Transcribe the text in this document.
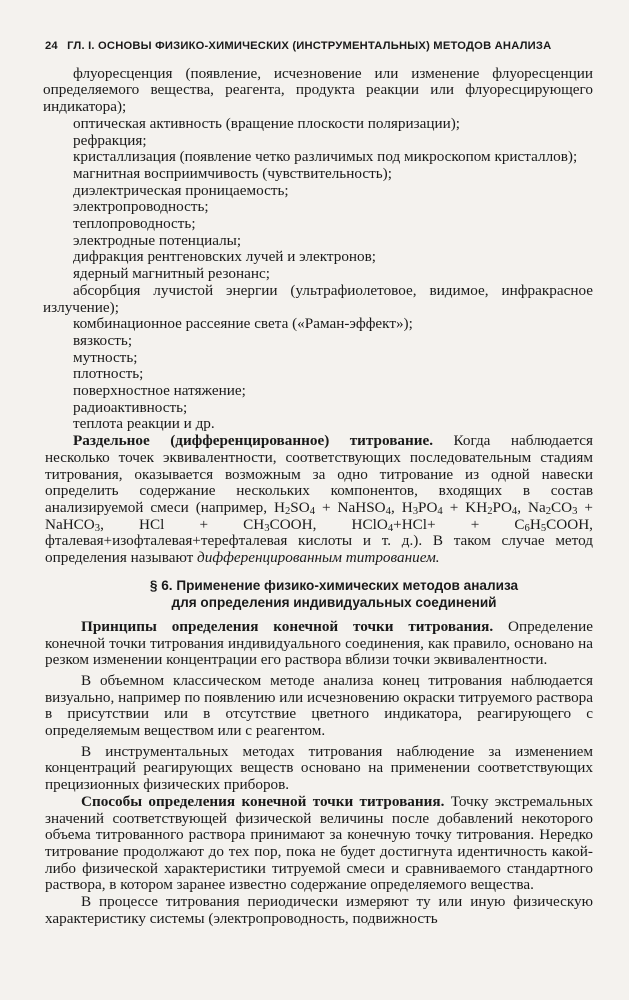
24 ГЛ. I. ОСНОВЫ ФИЗИКО-ХИМИЧЕСКИХ (ИНСТРУМЕНТАЛЬНЫХ) МЕТОДОВ АНАЛИЗА

флуоресценция (появление, исчезновение или изменение флуоресценции определяемого вещества, реагента, продукта реакции или флуоресцирующего индикатора);

оптическая активность (вращение плоскости поляризации);

рефракция;

кристаллизация (появление четко различимых под микроскопом кристаллов);

магнитная восприимчивость (чувствительность);

диэлектрическая проницаемость;

электропроводность;

теплопроводность;

электродные потенциалы;

дифракция рентгеновских лучей и электронов;

ядерный магнитный резонанс;

абсорбция лучистой энергии (ультрафиолетовое, видимое, инфракрасное излучение);

комбинационное рассеяние света («Раман-эффект»);

вязкость;

мутность;

плотность;

поверхностное натяжение;

радиоактивность;

теплота реакции и др.

Раздельное (дифференцированное) титрование. Когда наблюдается несколько точек эквивалентности, соответствующих последовательным стадиям титрования, оказывается возможным за одно титрование из одной навески определить содержание нескольких компонентов, входящих в состав анализируемой смеси (например, $H_2SO_4$ + NaHSO$_4$, $H_3PO_4 + KH_2PO_4$, $Na_2CO_3$ + NaHCO$_3$, HCl + $CH_3COOH$, HClO$_4$+HCl+ + $C_6H_5COOH$, фталевая+изофталевая+терефталевая кислоты и т. д.). В таком случае метод определения называют дифференцированным титрованием.

§ 6. Применение физико-химических методов анализа
для определения индивидуальных соединений

Принципы определения конечной точки титрования. Определение конечной точки титрования индивидуального соединения, как правило, основано на резком изменении концентрации его раствора вблизи точки эквивалентности.

В объемном классическом методе анализа конец титрования наблюдается визуально, например по появлению или исчезновению окраски титруемого раствора в присутствии или в отсутствие цветного индикатора, реагирующего с определяемым веществом или с реагентом.

В инструментальных методах титрования наблюдение за изменением концентраций реагирующих веществ основано на применении соответствующих прецизионных физических приборов.

Способы определения конечной точки титрования. Точку экстремальных значений соответствующей физической величины после добавлений некоторого объема титрованного раствора принимают за конечную точку титрования. Нередко титрование продолжают до тех пор, пока не будет достигнута идентичность какой-либо физической характеристики титруемой смеси и сравниваемого стандартного раствора, в котором заранее известно содержание определяемого вещества.

В процессе титрования периодически измеряют ту или иную физическую характеристику системы (электропроводность, подвижность
